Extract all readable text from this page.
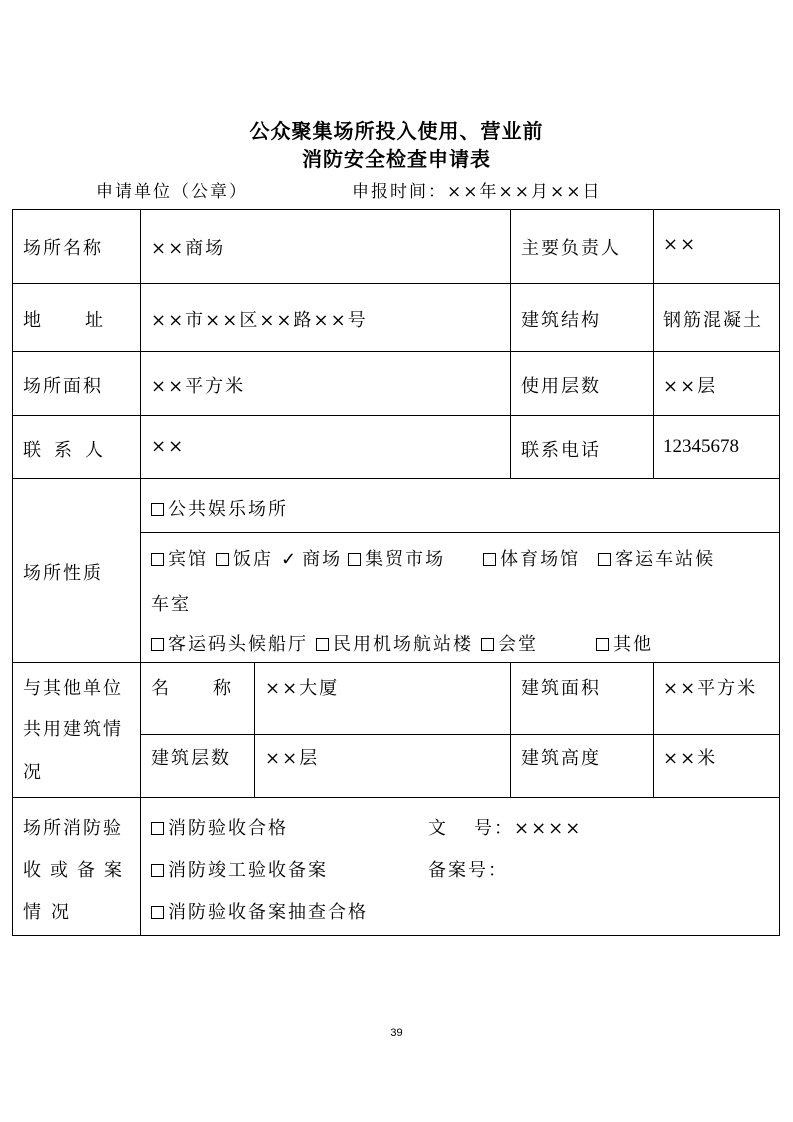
公众聚集场所投入使用、营业前
消防安全检查申请表
申请单位（公章）	申报时间：××年××月××日
场所名称	××商场	主要负责人 ××
地 址	××市××区××路××号	建筑结构	钢筋混凝土
场所面积	××平方米	使用层数	××层
联 系 人	××	联系电话	12345678
场所性质
公共娱乐场所
宾馆 饭店 ✓ 商场 集贸市场	体育场馆 客运车站候
车室
客运码头候船厅 民用机场航站楼 会堂	其他
与其他单位
共用建筑情
况
名 称 ××大厦	建筑面积	××平方米
建筑层数 ××层	建筑高度	××米
场所消防验
收或备案
情 况
消防验收合格	文 号：××××
消防竣工验收备案	备案号：
消防验收备案抽查合格
39
